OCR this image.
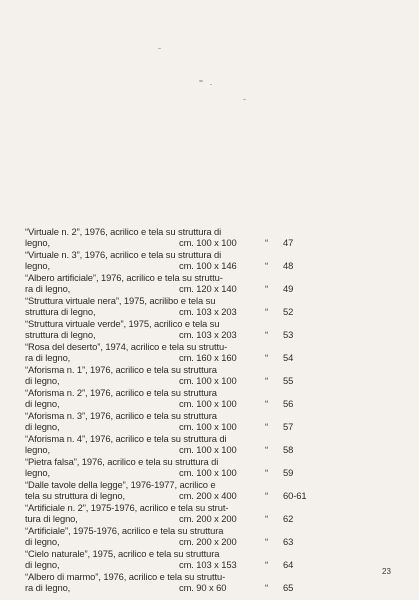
“Virtuale n. 2”, 1976, acrilico e tela su struttura di
legno,	cm. 100 x 100	“	47
“Virtuale n. 3”, 1976, acrilico e tela su struttura di
legno,	cm. 100 x 146	“	48
“Albero artificiale”, 1976, acrilico e tela su struttu-
ra di legno,	cm. 120 x 140	“	49
“Struttura virtuale nera”, 1975, acrilibo e tela su
struttura di legno,	cm. 103 x 203	“	52
“Struttura virtuale verde”, 1975, acrilico e tela su
struttura di legno,	cm. 103 x 203	“	53
“Rosa del deserto”, 1974, acrilico e tela su struttu-
ra di legno,	cm. 160 x 160	“	54
“Aforisma n. 1”, 1976, acrilico e tela su struttura
di legno,	cm. 100 x 100	“	55
“Aforisma n. 2”, 1976, acrilico e tela su struttura
di legno,	cm. 100 x 100	“	56
“Aforisma n. 3”, 1976, acrilico e tela su struttura
di legno,	cm. 100 x 100	“	57
“Aforisma n. 4”, 1976, acrilico e tela su struttura di
legno,	cm. 100 x 100	“	58
“Pietra falsa”, 1976, acrilico e tela su struttura di
legno,	cm. 100 x 100	“	59
“Dalle tavole della legge”, 1976-1977, acrilico e
tela su struttura di legno,	cm. 200 x 400	“	60-61
“Artificiale n. 2”, 1975-1976, acrilico e tela su strut-
tura di legno,	cm. 200 x 200	“	62
“Artificiale”, 1975-1976, acrilico e tela su struttura
di legno,	cm. 200 x 200	“	63
“Cielo naturale”, 1975, acrilico e tela su struttura
di legno,	cm. 103 x 153	“	64
“Albero di marmo”, 1976, acrilico e tela su struttu-
ra di legno,	cm. 90 x 60	“	65
23
